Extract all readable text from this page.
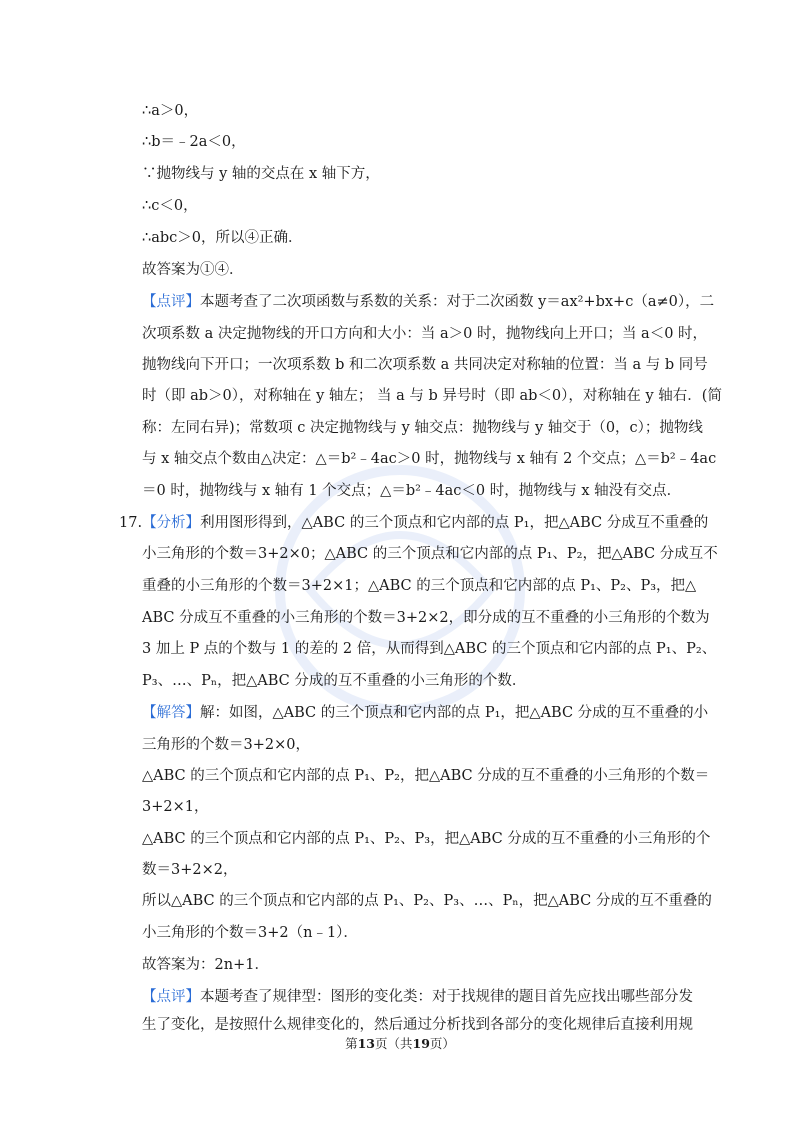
∴a＞0，
∴b＝﹣2a＜0，
∵抛物线与 y 轴的交点在 x 轴下方，
∴c＜0，
∴abc＞0，所以④正确．
故答案为①④．
【点评】本题考查了二次项函数与系数的关系：对于二次函数 y＝ax²+bx+c（a≠0），二
次项系数 a 决定抛物线的开口方向和大小：当 a＞0 时，抛物线向上开口；当 a＜0 时，
抛物线向下开口；一次项系数 b 和二次项系数 a 共同决定对称轴的位置：当 a 与 b 同号
时（即 ab＞0），对称轴在 y 轴左； 当 a 与 b 异号时（即 ab＜0），对称轴在 y 轴右．(简
称：左同右异)；常数项 c 决定抛物线与 y 轴交点：抛物线与 y 轴交于（0，c）；抛物线
与 x 轴交点个数由△决定：△＝b²﹣4ac＞0 时，抛物线与 x 轴有 2 个交点；△＝b²﹣4ac
＝0 时，抛物线与 x 轴有 1 个交点；△＝b²﹣4ac＜0 时，抛物线与 x 轴没有交点．
17.【分析】利用图形得到，△ABC 的三个顶点和它内部的点 P₁，把△ABC 分成互不重叠的
小三角形的个数＝3+2×0；△ABC 的三个顶点和它内部的点 P₁、P₂，把△ABC 分成互不
重叠的小三角形的个数＝3+2×1；△ABC 的三个顶点和它内部的点 P₁、P₂、P₃，把△
ABC 分成互不重叠的小三角形的个数＝3+2×2，即分成的互不重叠的小三角形的个数为
3 加上 P 点的个数与 1 的差的 2 倍，从而得到△ABC 的三个顶点和它内部的点 P₁、P₂、
P₃、…、Pₙ，把△ABC 分成的互不重叠的小三角形的个数．
【解答】解：如图，△ABC 的三个顶点和它内部的点 P₁，把△ABC 分成的互不重叠的小
三角形的个数＝3+2×0，
△ABC 的三个顶点和它内部的点 P₁、P₂，把△ABC 分成的互不重叠的小三角形的个数＝
3+2×1，
△ABC 的三个顶点和它内部的点 P₁、P₂、P₃，把△ABC 分成的互不重叠的小三角形的个
数＝3+2×2，
所以△ABC 的三个顶点和它内部的点 P₁、P₂、P₃、…、Pₙ，把△ABC 分成的互不重叠的
小三角形的个数＝3+2（n﹣1）．
故答案为：2n+1．
【点评】本题考查了规律型：图形的变化类：对于找规律的题目首先应找出哪些部分发
生了变化，是按照什么规律变化的，然后通过分析找到各部分的变化规律后直接利用规
第13页（共19页）
